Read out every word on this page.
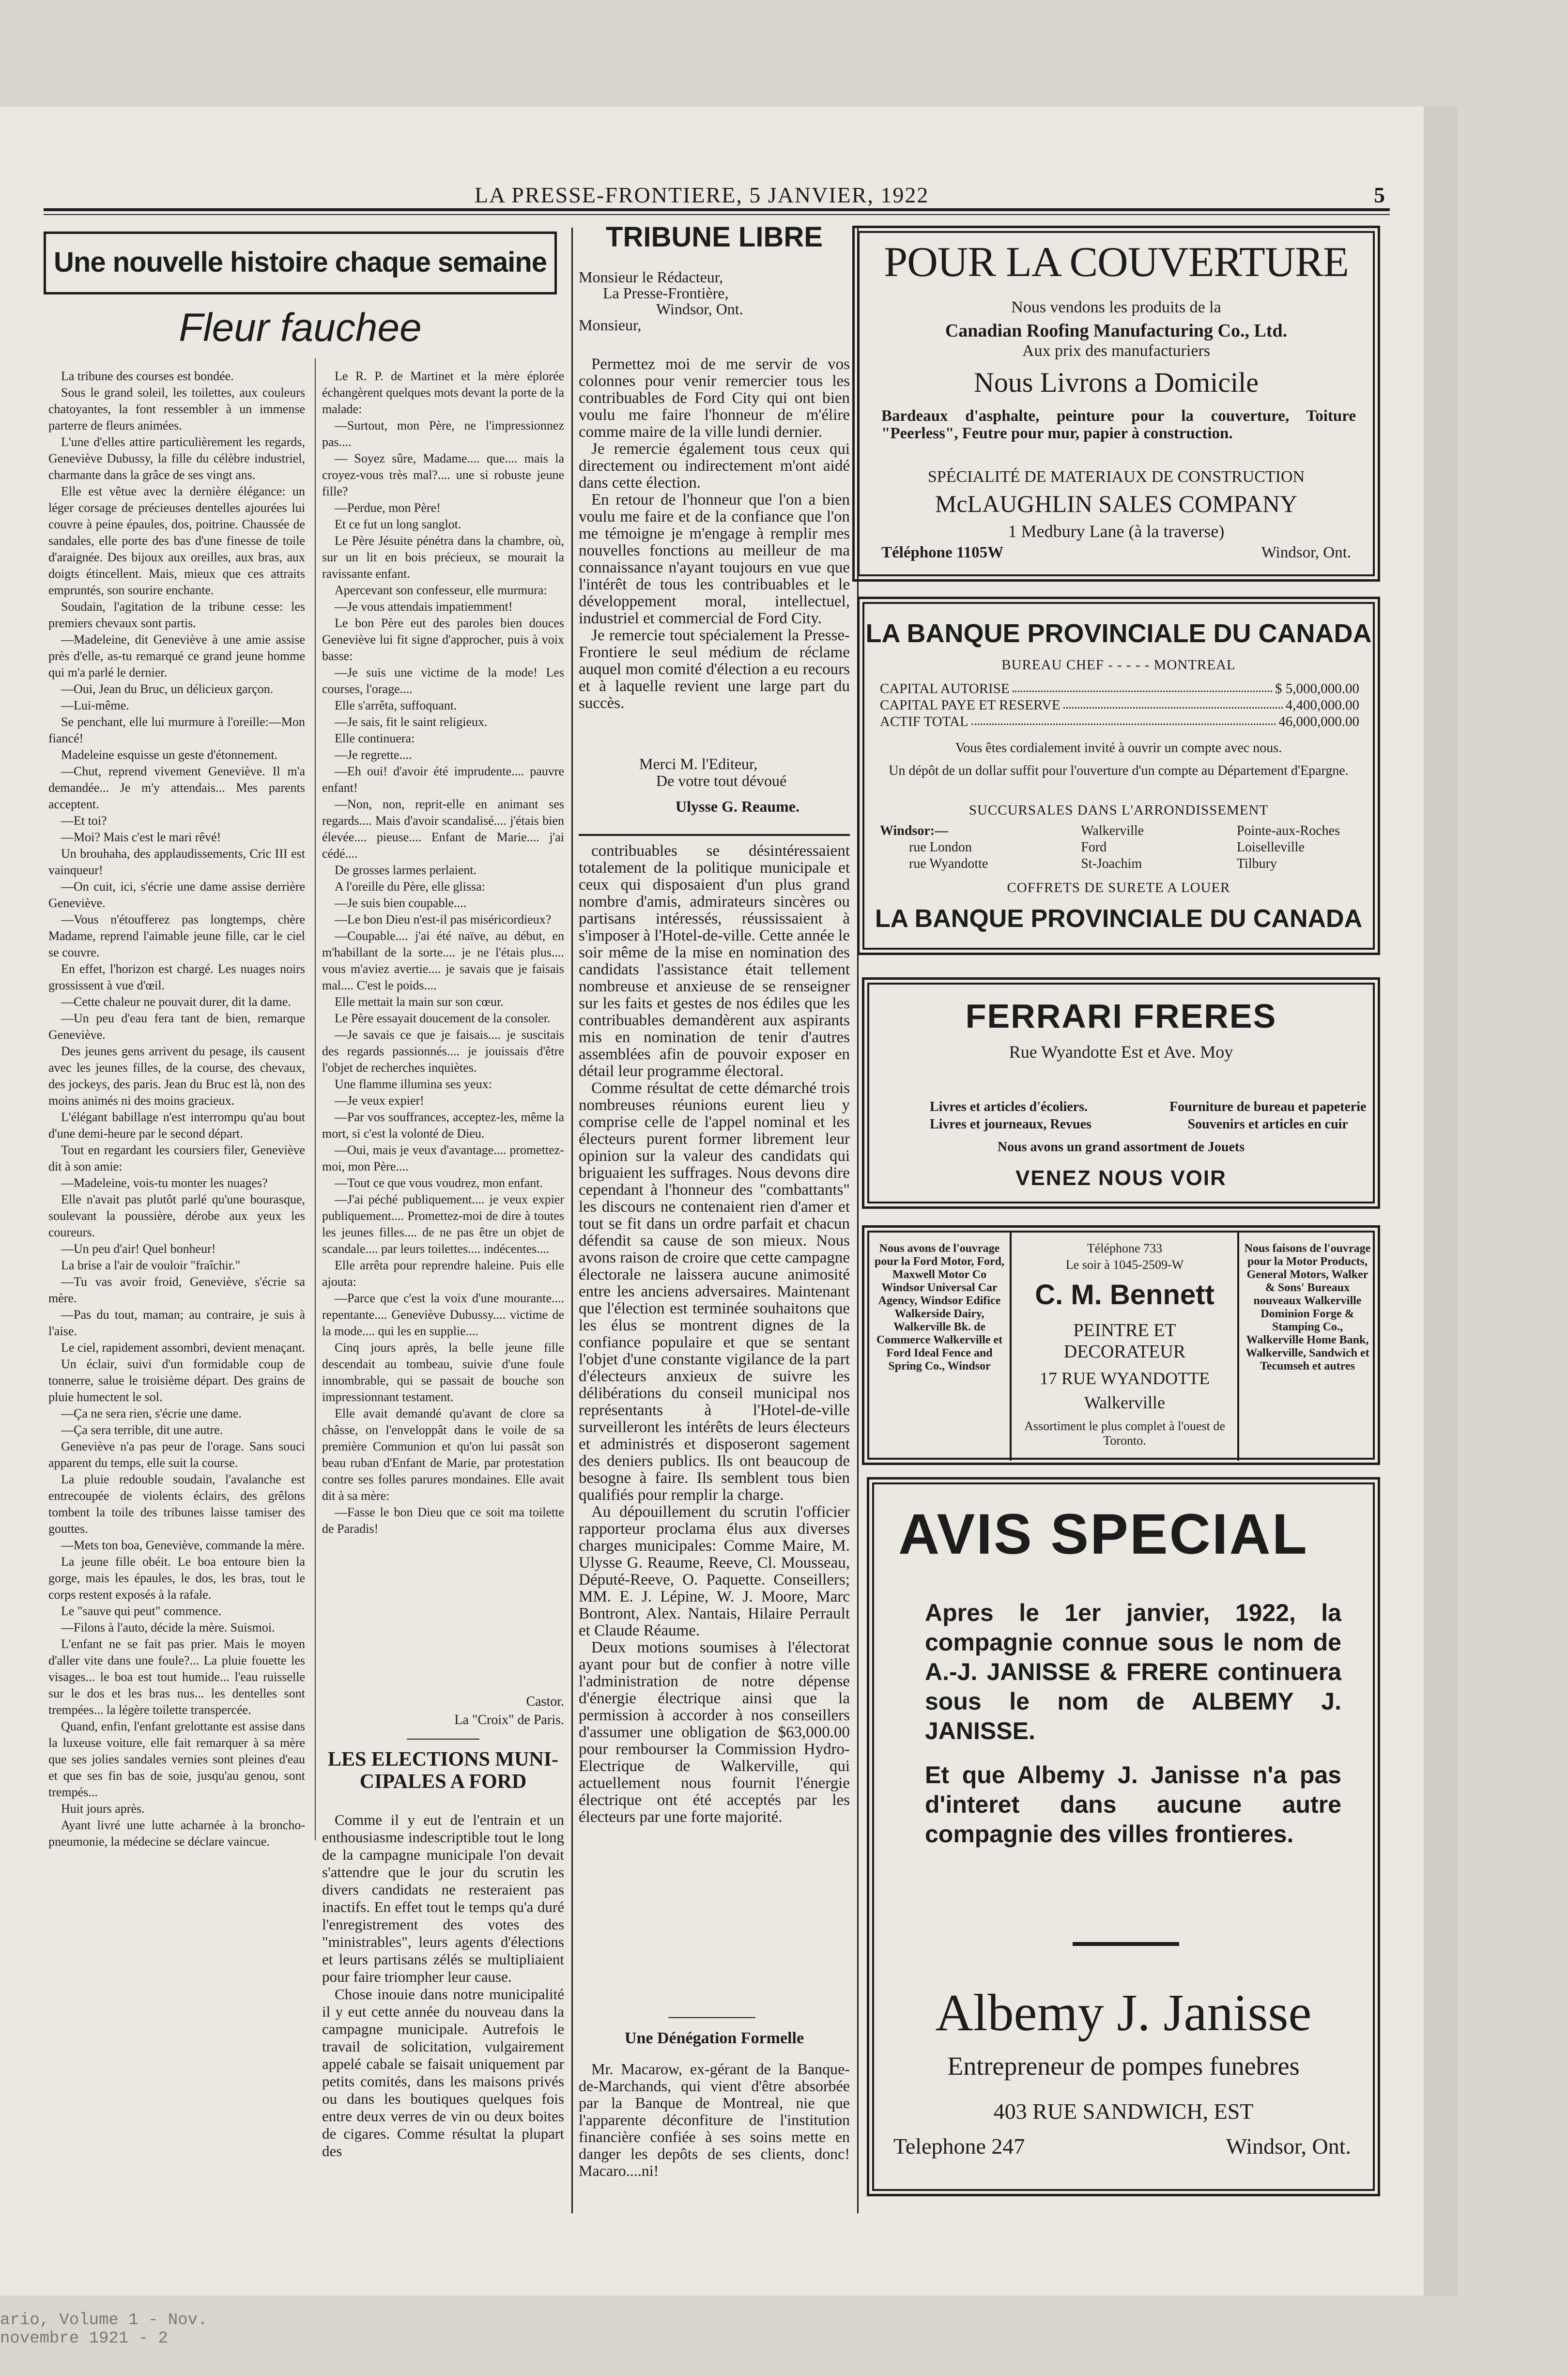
LA PRESSE-FRONTIERE, 5 JANVIER, 1922	5
Une nouvelle histoire chaque semaine
Fleur fauchee

La tribune des courses est bondée.

Sous le grand soleil, les toilettes, aux couleurs chatoyantes, la font ressembler à un immense parterre de fleurs animées.

L'une d'elles attire particulièrement les regards, Geneviève Dubussy, la fille du célèbre industriel, charmante dans la grâce de ses vingt ans.

Elle est vêtue avec la dernière élégance: un léger corsage de précieuses dentelles ajourées lui couvre à peine épaules, dos, poitrine. Chaussée de sandales, elle porte des bas d'une finesse de toile d'araignée. Des bijoux aux oreilles, aux bras, aux doigts étincellent. Mais, mieux que ces attraits empruntés, son sourire enchante.

Soudain, l'agitation de la tribune cesse: les premiers chevaux sont partis.

—Madeleine, dit Geneviève à une amie assise près d'elle, as-tu remarqué ce grand jeune homme qui m'a parlé le dernier.

—Oui, Jean du Bruc, un délicieux garçon.

—Lui-même.

Se penchant, elle lui murmure à l'oreille:—Mon fiancé!

Madeleine esquisse un geste d'étonnement.

—Chut, reprend vivement Geneviève. Il m'a demandée... Je m'y attendais... Mes parents acceptent.

—Et toi?

—Moi? Mais c'est le mari rêvé!

Un brouhaha, des applaudissements, Cric III est vainqueur!

—On cuit, ici, s'écrie une dame assise derrière Geneviève.

—Vous n'étoufferez pas longtemps, chère Madame, reprend l'aimable jeune fille, car le ciel se couvre.

En effet, l'horizon est chargé. Les nuages noirs grossissent à vue d'œil.

—Cette chaleur ne pouvait durer, dit la dame.

—Un peu d'eau fera tant de bien, remarque Geneviève.

Des jeunes gens arrivent du pesage, ils causent avec les jeunes filles, de la course, des chevaux, des jockeys, des paris. Jean du Bruc est là, non des moins animés ni des moins gracieux.

L'élégant babillage n'est interrompu qu'au bout d'une demi-heure par le second départ.

Tout en regardant les coursiers filer, Geneviève dit à son amie:

—Madeleine, vois-tu monter les nuages?

Elle n'avait pas plutôt parlé qu'une bourasque, soulevant la poussière, dérobe aux yeux les coureurs.

—Un peu d'air! Quel bonheur!

La brise a l'air de vouloir "fraîchir."

—Tu vas avoir froid, Geneviève, s'écrie sa mère.

—Pas du tout, maman; au contraire, je suis à l'aise.

Le ciel, rapidement assombri, devient menaçant.

Un éclair, suivi d'un formidable coup de tonnerre, salue le troisième départ. Des grains de pluie humectent le sol.

—Ça ne sera rien, s'écrie une dame.

—Ça sera terrible, dit une autre.

Geneviève n'a pas peur de l'orage. Sans souci apparent du temps, elle suit la course.

La pluie redouble soudain, l'avalanche est entrecoupée de violents éclairs, des grêlons tombent la toile des tribunes laisse tamiser des gouttes.

—Mets ton boa, Geneviève, commande la mère.

La jeune fille obéit. Le boa entoure bien la gorge, mais les épaules, le dos, les bras, tout le corps restent exposés à la rafale.

Le "sauve qui peut" commence.

—Filons à l'auto, décide la mère. Suismoi.

L'enfant ne se fait pas prier. Mais le moyen d'aller vite dans une foule?... La pluie fouette les visages... le boa est tout humide... l'eau ruisselle sur le dos et les bras nus... les dentelles sont trempées... la légère toilette transpercée.

Quand, enfin, l'enfant grelottante est assise dans la luxeuse voiture, elle fait remarquer à sa mère que ses jolies sandales vernies sont pleines d'eau et que ses fin bas de soie, jusqu'au genou, sont trempés...

Huit jours après.

Ayant livré une lutte acharnée à la broncho-pneumonie, la médecine se déclare vaincue.

Le R. P. de Martinet et la mère éplorée échangèrent quelques mots devant la porte de la malade:

—Surtout, mon Père, ne l'impressionnez pas....

— Soyez sûre, Madame.... que.... mais la croyez-vous très mal?.... une si robuste jeune fille?

—Perdue, mon Père!

Et ce fut un long sanglot.

Le Père Jésuite pénétra dans la chambre, où, sur un lit en bois précieux, se mourait la ravissante enfant.

Apercevant son confesseur, elle murmura:

—Je vous attendais impatiemment!

Le bon Père eut des paroles bien douces Geneviève lui fit signe d'approcher, puis à voix basse:

—Je suis une victime de la mode! Les courses, l'orage....

Elle s'arrêta, suffoquant.

—Je sais, fit le saint religieux.

Elle continuera:

—Je regrette....

—Eh oui! d'avoir été imprudente.... pauvre enfant!

—Non, non, reprit-elle en animant ses regards.... Mais d'avoir scandalisé.... j'étais bien élevée.... pieuse.... Enfant de Marie.... j'ai cédé....

De grosses larmes perlaient.

A l'oreille du Père, elle glissa:

—Je suis bien coupable....

—Le bon Dieu n'est-il pas miséricordieux?

—Coupable.... j'ai été naïve, au début, en m'habillant de la sorte.... je ne l'étais plus.... vous m'aviez avertie.... je savais que je faisais mal.... C'est le poids....

Elle mettait la main sur son cœur.

Le Père essayait doucement de la consoler.

—Je savais ce que je faisais.... je suscitais des regards passionnés.... je jouissais d'être l'objet de recherches inquiètes.

Une flamme illumina ses yeux:

—Je veux expier!

—Par vos souffrances, acceptez-les, même la mort, si c'est la volonté de Dieu.

—Oui, mais je veux d'avantage.... promettez-moi, mon Père....

—Tout ce que vous voudrez, mon enfant.

—J'ai péché publiquement.... je veux expier publiquement.... Promettez-moi de dire à toutes les jeunes filles.... de ne pas être un objet de scandale.... par leurs toilettes.... indécentes....

Elle arrêta pour reprendre haleine. Puis elle ajouta:

—Parce que c'est la voix d'une mourante.... repentante.... Geneviève Dubussy.... victime de la mode.... qui les en supplie....

Cinq jours après, la belle jeune fille descendait au tombeau, suivie d'une foule innombrable, qui se passait de bouche son impressionnant testament.

Elle avait demandé qu'avant de clore sa châsse, on l'enveloppât dans le voile de sa première Communion et qu'on lui passât son beau ruban d'Enfant de Marie, par protestation contre ses folles parures mondaines. Elle avait dit à sa mère:

—Fasse le bon Dieu que ce soit ma toilette de Paradis!

Castor.
La "Croix" de Paris.
LES ELECTIONS MUNI-CIPALES A FORD

Comme il y eut de l'entrain et un enthousiasme indescriptible tout le long de la campagne municipale l'on devait s'attendre que le jour du scrutin les divers candidats ne resteraient pas inactifs. En effet tout le temps qu'a duré l'enregistrement des votes des "ministrables", leurs agents d'élections et leurs partisans zélés se multipliaient pour faire triompher leur cause.

Chose inouie dans notre municipalité il y eut cette année du nouveau dans la campagne municipale. Autrefois le travail de solicitation, vulgairement appelé cabale se faisait uniquement par petits comités, dans les maisons privés ou dans les boutiques quelques fois entre deux verres de vin ou deux boites de cigares. Comme résultat la plupart des

TRIBUNE LIBRE
Monsieur le Rédacteur,
La Presse-Frontière,
Windsor, Ont.
Monsieur,

Permettez moi de me servir de vos colonnes pour venir remercier tous les contribuables de Ford City qui ont bien voulu me faire l'honneur de m'élire comme maire de la ville lundi dernier.

Je remercie également tous ceux qui directement ou indirectement m'ont aidé dans cette élection.

En retour de l'honneur que l'on a bien voulu me faire et de la confiance que l'on me témoigne je m'engage à remplir mes nouvelles fonctions au meilleur de ma connaissance n'ayant toujours en vue que l'intérêt de tous les contribuables et le développement moral, intellectuel, industriel et commercial de Ford City.

Je remercie tout spécialement la Presse-Frontiere le seul médium de réclame auquel mon comité d'élection a eu recours et à laquelle revient une large part du succès.

Merci M. l'Editeur,
De votre tout dévoué
Ulysse G. Reaume.

contribuables se désintéressaient totalement de la politique municipale et ceux qui disposaient d'un plus grand nombre d'amis, admirateurs sincères ou partisans intéressés, réussissaient à s'imposer à l'Hotel-de-ville. Cette année le soir même de la mise en nomination des candidats l'assistance était tellement nombreuse et anxieuse de se renseigner sur les faits et gestes de nos édiles que les contribuables demandèrent aux aspirants mis en nomination de tenir d'autres assemblées afin de pouvoir exposer en détail leur programme électoral.

Comme résultat de cette démarché trois nombreuses réunions eurent lieu y comprise celle de l'appel nominal et les électeurs purent former librement leur opinion sur la valeur des candidats qui briguaient les suffrages. Nous devons dire cependant à l'honneur des "combattants" les discours ne contenaient rien d'amer et tout se fit dans un ordre parfait et chacun défendit sa cause de son mieux. Nous avons raison de croire que cette campagne électorale ne laissera aucune animosité entre les anciens adversaires. Maintenant que l'élection est terminée souhaitons que les élus se montrent dignes de la confiance populaire et que se sentant l'objet d'une constante vigilance de la part d'électeurs anxieux de suivre les délibérations du conseil municipal nos représentants à l'Hotel-de-ville surveilleront les intérêts de leurs électeurs et administrés et disposeront sagement des deniers publics. Ils ont beaucoup de besogne à faire. Ils semblent tous bien qualifiés pour remplir la charge.

Au dépouillement du scrutin l'officier rapporteur proclama élus aux diverses charges municipales: Comme Maire, M. Ulysse G. Reaume, Reeve, Cl. Mousseau, Député-Reeve, O. Paquette. Conseillers; MM. E. J. Lépine, W. J. Moore, Marc Bontront, Alex. Nantais, Hilaire Perrault et Claude Réaume.

Deux motions soumises à l'électorat ayant pour but de confier à notre ville l'administration de notre dépense d'énergie électrique ainsi que la permission à accorder à nos conseillers d'assumer une obligation de $63,000.00 pour rembourser la Commission Hydro-Electrique de Walkerville, qui actuellement nous fournit l'énergie électrique ont été acceptés par les électeurs par une forte majorité.

Une Dénégation Formelle

Mr. Macarow, ex-gérant de la Banque-de-Marchands, qui vient d'être absorbée par la Banque de Montreal, nie que l'apparente déconfiture de l'institution financière confiée à ses soins mette en danger les depôts de ses clients, donc! Macaro....ni!

POUR LA COUVERTURE
Nous vendons les produits de la
Canadian Roofing Manufacturing Co., Ltd.
Aux prix des manufacturiers
Nous Livrons a Domicile
Bardeaux d'asphalte, peinture pour la couverture, Toiture "Peerless", Feutre pour mur, papier à construction.
SPÉCIALITÉ DE MATERIAUX DE CONSTRUCTION
McLAUGHLIN SALES COMPANY
1 Medbury Lane (à la traverse)
Téléphone 1105W	Windsor, Ont.
LA BANQUE PROVINCIALE DU CANADA
BUREAU CHEF - - - - - MONTREAL
CAPITAL AUTORISE	$ 5,000,000.00
CAPITAL PAYE ET RESERVE	4,400,000.00
ACTIF TOTAL	46,000,000.00
Vous êtes cordialement invité à ouvrir un compte avec nous.
Un dépôt de un dollar suffit pour l'ouverture d'un compte au Département d'Epargne.
SUCCURSALES DANS L'ARRONDISSEMENT
Windsor:—
rue London
rue Wyandotte
Walkerville
Ford
St-Joachim
Pointe-aux-Roches
Loiselleville
Tilbury
COFFRETS DE SURETE A LOUER
LA BANQUE PROVINCIALE DU CANADA
FERRARI FRERES
Rue Wyandotte Est et Ave. Moy
Livres et articles d'écoliers.
Livres et journeaux, Revues
Fourniture de bureau et papeterie
Souvenirs et articles en cuir
Nous avons un grand assortment de Jouets
VENEZ NOUS VOIR
Nous avons de l'ouvrage pour la Ford Motor, Ford, Maxwell Motor Co Windsor Universal Car Agency, Windsor Edifice Walkerside Dairy, Walkerville Bk. de Commerce Walkerville et Ford Ideal Fence and Spring Co., Windsor
Téléphone 733
Le soir à 1045-2509-W
C. M. Bennett
PEINTRE ET DECORATEUR
17 RUE WYANDOTTE
Walkerville
Assortiment le plus complet à l'ouest de Toronto.
Nous faisons de l'ouvrage pour la Motor Products, General Motors, Walker & Sons' Bureaux nouveaux Walkerville Dominion Forge & Stamping Co., Walkerville Home Bank, Walkerville, Sandwich et Tecumseh et autres
AVIS SPECIAL
Apres le 1er janvier, 1922, la compagnie connue sous le nom de A.-J. JANISSE & FRERE continuera sous le nom de ALBEMY J. JANISSE.
Et que Albemy J. Janisse n'a pas d'interet dans aucune autre compagnie des villes frontieres.
Albemy J. Janisse
Entrepreneur de pompes funebres
403 RUE SANDWICH, EST
Telephone 247	Windsor, Ont.
ario, Volume 1 - Nov.
novembre 1921 - 2
